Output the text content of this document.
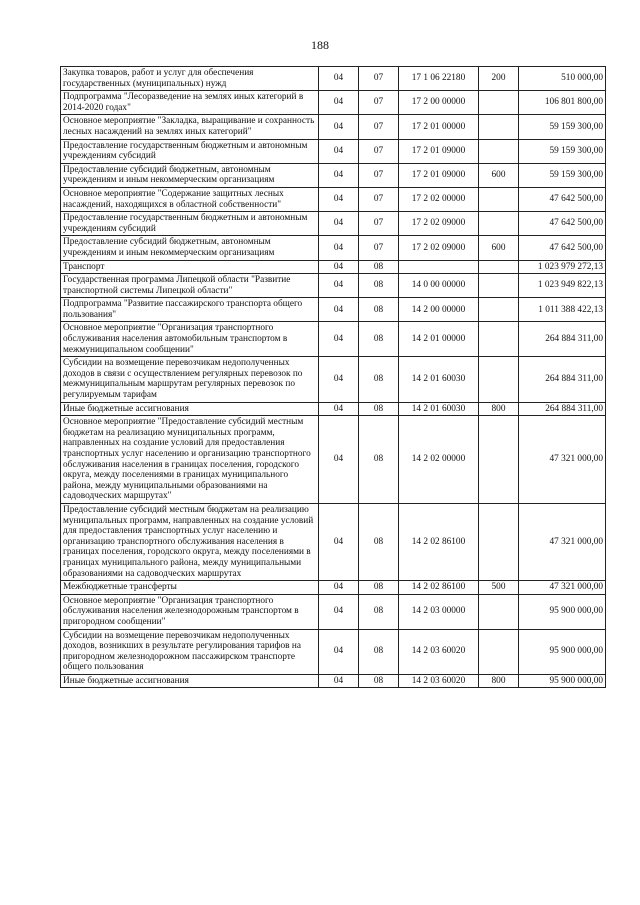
188
Закупка товаров, работ и услуг для обеспечения государственных (муниципальных) нужд	04	07	17 1 06 22180	200	510 000,00
Подпрограмма "Лесоразведение на землях иных категорий в 2014-2020 годах"	04	07	17 2 00 00000		106 801 800,00
Основное мероприятие "Закладка, выращивание и сохранность лесных насаждений на землях иных категорий"	04	07	17 2 01 00000		59 159 300,00
Предоставление государственным бюджетным и автономным учреждениям субсидий	04	07	17 2 01 09000		59 159 300,00
Предоставление субсидий бюджетным, автономным учреждениям и иным некоммерческим организациям	04	07	17 2 01 09000	600	59 159 300,00
Основное мероприятие "Содержание защитных лесных насаждений, находящихся в областной собственности"	04	07	17 2 02 00000		47 642 500,00
Предоставление государственным бюджетным и автономным учреждениям субсидий	04	07	17 2 02 09000		47 642 500,00
Предоставление субсидий бюджетным, автономным учреждениям и иным некоммерческим организациям	04	07	17 2 02 09000	600	47 642 500,00
Транспорт	04	08			1 023 979 272,13
Государственная программа Липецкой области "Развитие транспортной системы Липецкой области"	04	08	14 0 00 00000		1 023 949 822,13
Подпрограмма "Развитие пассажирского транспорта общего пользования"	04	08	14 2 00 00000		1 011 388 422,13
Основное мероприятие "Организация транспортного обслуживания населения автомобильным транспортом в межмуниципальном сообщении"	04	08	14 2 01 00000		264 884 311,00
Субсидии на возмещение перевозчикам недополученных доходов в связи с осуществлением регулярных перевозок по межмуниципальным маршрутам регулярных перевозок по регулируемым тарифам	04	08	14 2 01 60030		264 884 311,00
Иные бюджетные ассигнования	04	08	14 2 01 60030	800	264 884 311,00
Основное мероприятие "Предоставление субсидий местным бюджетам на реализацию муниципальных программ, направленных на создание условий для предоставления транспортных услуг населению и организацию транспортного обслуживания населения в границах поселения, городского округа, между поселениями в границах муниципального района, между муниципальными образованиями на садоводческих маршрутах"	04	08	14 2 02 00000		47 321 000,00
Предоставление субсидий местным бюджетам на реализацию муниципальных программ, направленных на создание условий для предоставления транспортных услуг населению и организацию транспортного обслуживания населения в границах поселения, городского округа, между поселениями в границах муниципального района, между муниципальными образованиями на садоводческих маршрутах	04	08	14 2 02 86100		47 321 000,00
Межбюджетные трансферты	04	08	14 2 02 86100	500	47 321 000,00
Основное мероприятие "Организация транспортного обслуживания населения железнодорожным транспортом в пригородном сообщении"	04	08	14 2 03 00000		95 900 000,00
Субсидии на возмещение перевозчикам недополученных доходов, возникших в результате регулирования тарифов на пригородном железнодорожном пассажирском транспорте общего пользования	04	08	14 2 03 60020		95 900 000,00
Иные бюджетные ассигнования	04	08	14 2 03 60020	800	95 900 000,00
